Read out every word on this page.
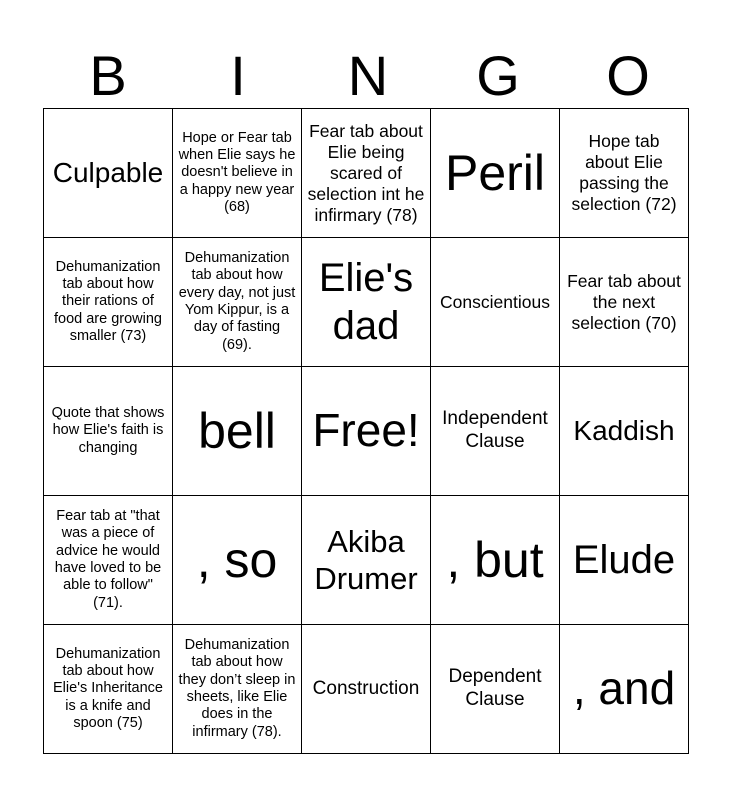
B	I	N	G	O
Culpable	Hope or Fear tab when Elie says he doesn't believe in a happy new year (68)	Fear tab about Elie being scared of selection int he infirmary (78)	Peril	Hope tab about Elie passing the selection (72)
Dehumanization tab about how their rations of food are growing smaller (73)	Dehumanization tab about how every day, not just Yom Kippur, is a day of fasting (69).	Elie's dad	Conscientious	Fear tab about the next selection (70)
Quote that shows how Elie's faith is changing	bell	Free!	Independent Clause	Kaddish
Fear tab at "that was a piece of advice he would have loved to be able to follow" (71).	, so	Akiba Drumer	, but	Elude
Dehumanization tab about how Elie's Inheritance is a knife and spoon (75)	Dehumanization tab about how they don’t sleep in sheets, like Elie does in the infirmary (78).	Construction	Dependent Clause	, and
